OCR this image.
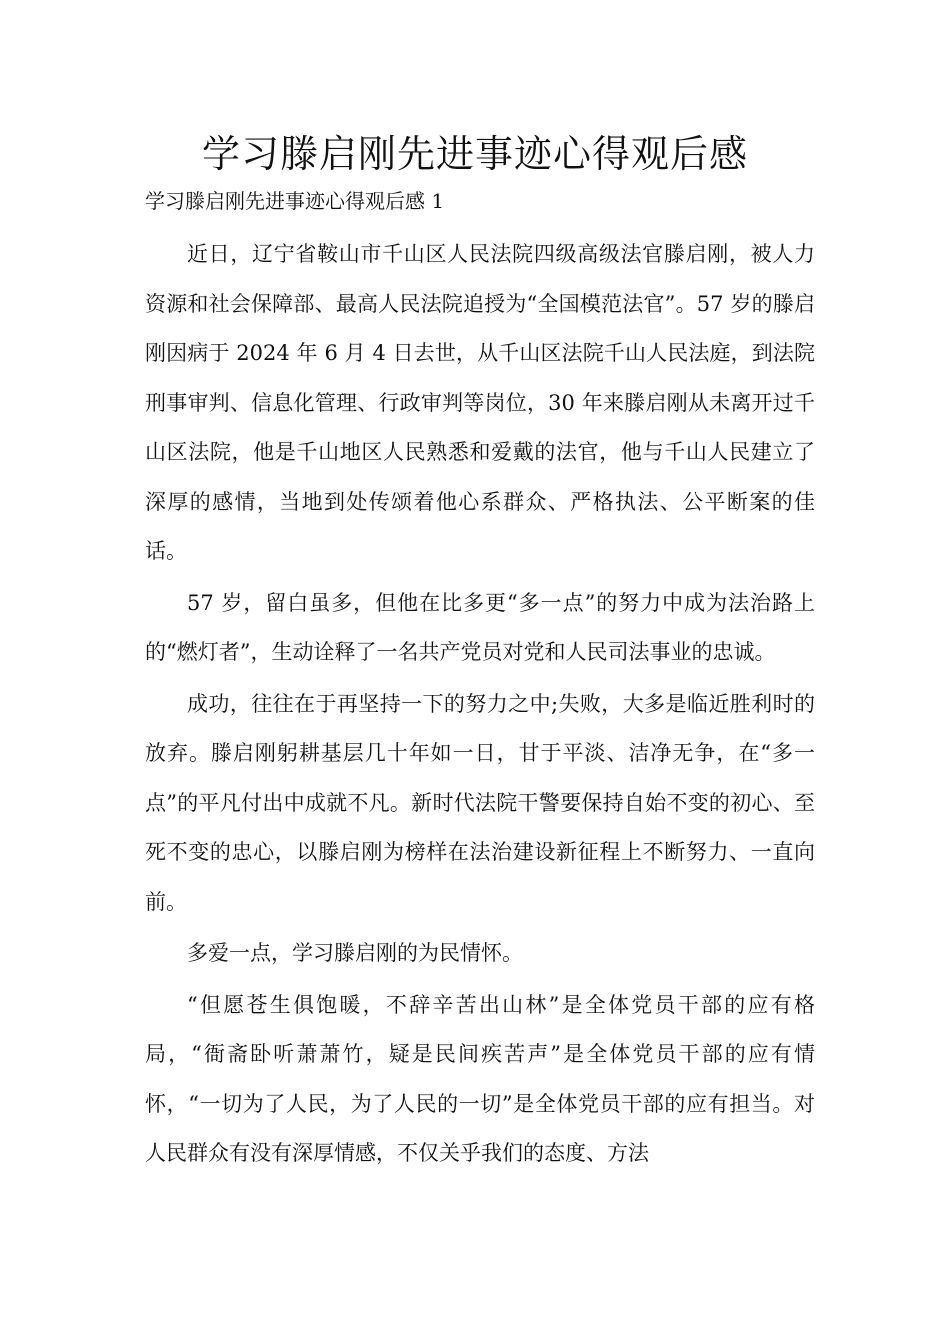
学习滕启刚先进事迹心得观后感

学习滕启刚先进事迹心得观后感 1

近日，辽宁省鞍山市千山区人民法院四级高级法官滕启刚，被人力资源和社会保障部、最高人民法院追授为“全国模范法官”。57 岁的滕启刚因病于 2024 年 6 月 4 日去世，从千山区法院千山人民法庭，到法院刑事审判、信息化管理、行政审判等岗位，30 年来滕启刚从未离开过千山区法院，他是千山地区人民熟悉和爱戴的法官，他与千山人民建立了深厚的感情，当地到处传颂着他心系群众、严格执法、公平断案的佳话。

57 岁，留白虽多，但他在比多更“多一点”的努力中成为法治路上的“燃灯者”，生动诠释了一名共产党员对党和人民司法事业的忠诚。

成功，往往在于再坚持一下的努力之中;失败，大多是临近胜利时的放弃。滕启刚躬耕基层几十年如一日，甘于平淡、洁净无争，在“多一点”的平凡付出中成就不凡。新时代法院干警要保持自始不变的初心、至死不变的忠心，以滕启刚为榜样在法治建设新征程上不断努力、一直向前。

多爱一点，学习滕启刚的为民情怀。

“但愿苍生俱饱暖，不辞辛苦出山林”是全体党员干部的应有格局，“衙斋卧听萧萧竹，疑是民间疾苦声”是全体党员干部的应有情怀，“一切为了人民，为了人民的一切”是全体党员干部的应有担当。对人民群众有没有深厚情感，不仅关乎我们的态度、方法
